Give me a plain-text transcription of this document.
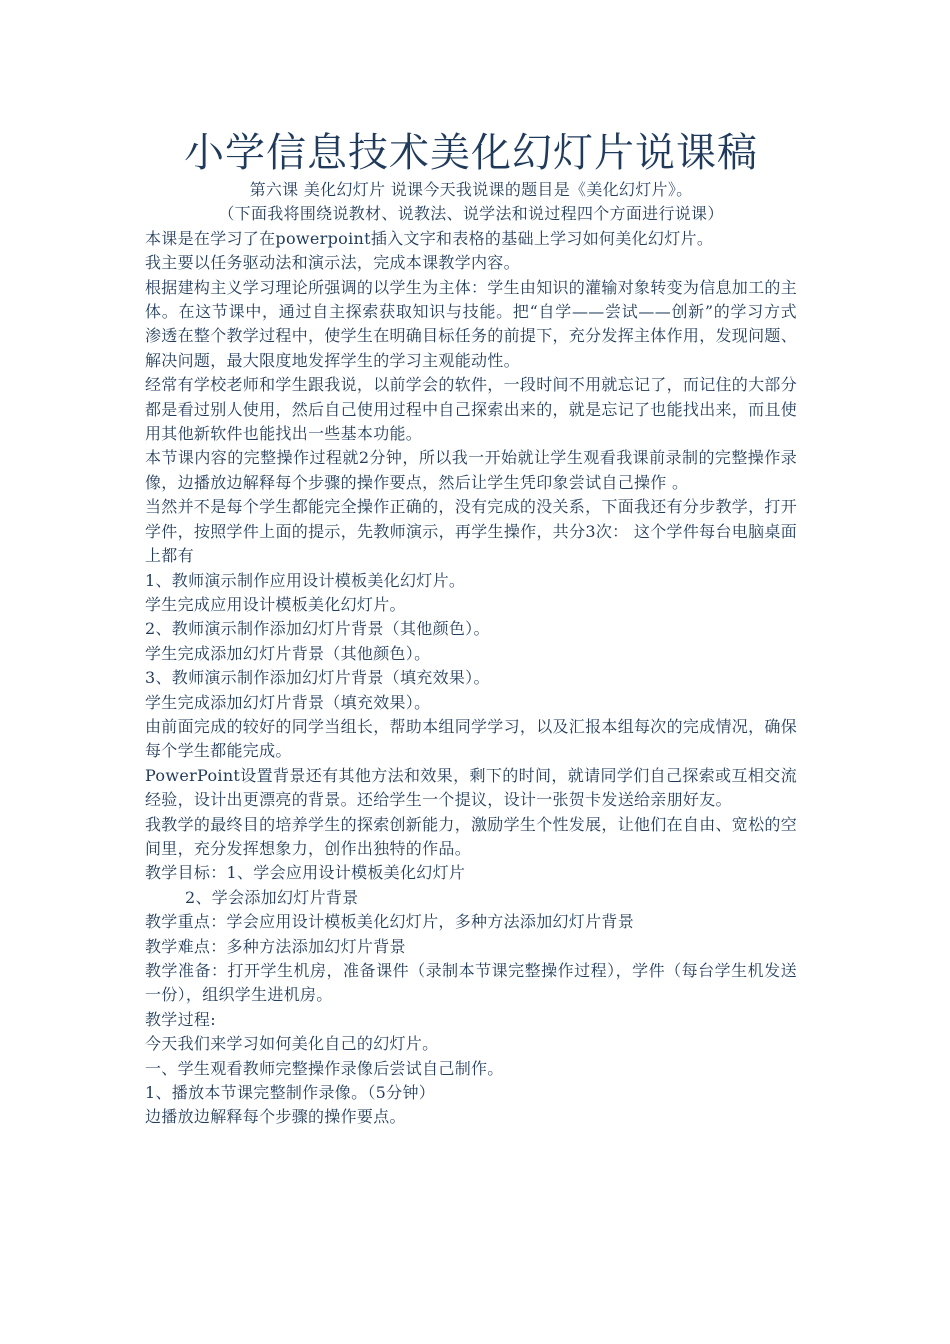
小学信息技术美化幻灯片说课稿

第六课 美化幻灯片 说课今天我说课的题目是《美化幻灯片》。

（下面我将围绕说教材、说教法、说学法和说过程四个方面进行说课）

本课是在学习了在powerpoint插入文字和表格的基础上学习如何美化幻灯片。

我主要以任务驱动法和演示法，完成本课教学内容。

根据建构主义学习理论所强调的以学生为主体：学生由知识的灌输对象转变为信息加工的主体。在这节课中，通过自主探索获取知识与技能。把“自学——尝试——创新”的学习方式渗透在整个教学过程中，使学生在明确目标任务的前提下，充分发挥主体作用，发现问题、解决问题，最大限度地发挥学生的学习主观能动性。

经常有学校老师和学生跟我说，以前学会的软件，一段时间不用就忘记了，而记住的大部分都是看过别人使用，然后自己使用过程中自己探索出来的，就是忘记了也能找出来，而且使用其他新软件也能找出一些基本功能。

本节课内容的完整操作过程就2分钟，所以我一开始就让学生观看我课前录制的完整操作录像，边播放边解释每个步骤的操作要点，然后让学生凭印象尝试自己操作 。

当然并不是每个学生都能完全操作正确的，没有完成的没关系，下面我还有分步教学，打开学件，按照学件上面的提示，先教师演示，再学生操作，共分3次： 这个学件每台电脑桌面上都有

1、教师演示制作应用设计模板美化幻灯片。

学生完成应用设计模板美化幻灯片。

2、教师演示制作添加幻灯片背景（其他颜色）。

学生完成添加幻灯片背景（其他颜色）。

3、教师演示制作添加幻灯片背景（填充效果）。

学生完成添加幻灯片背景（填充效果）。

由前面完成的较好的同学当组长，帮助本组同学学习，以及汇报本组每次的完成情况，确保每个学生都能完成。

PowerPoint设置背景还有其他方法和效果，剩下的时间，就请同学们自己探索或互相交流经验，设计出更漂亮的背景。还给学生一个提议，设计一张贺卡发送给亲朋好友。

我教学的最终目的培养学生的探索创新能力，激励学生个性发展，让他们在自由、宽松的空间里，充分发挥想象力，创作出独特的作品。

教学目标：1、学会应用设计模板美化幻灯片

2、学会添加幻灯片背景

教学重点：学会应用设计模板美化幻灯片，多种方法添加幻灯片背景

教学难点：多种方法添加幻灯片背景

教学准备：打开学生机房，准备课件（录制本节课完整操作过程），学件（每台学生机发送一份），组织学生进机房。

教学过程:

今天我们来学习如何美化自己的幻灯片。

一、学生观看教师完整操作录像后尝试自己制作。

1、播放本节课完整制作录像。（5分钟）

边播放边解释每个步骤的操作要点。
